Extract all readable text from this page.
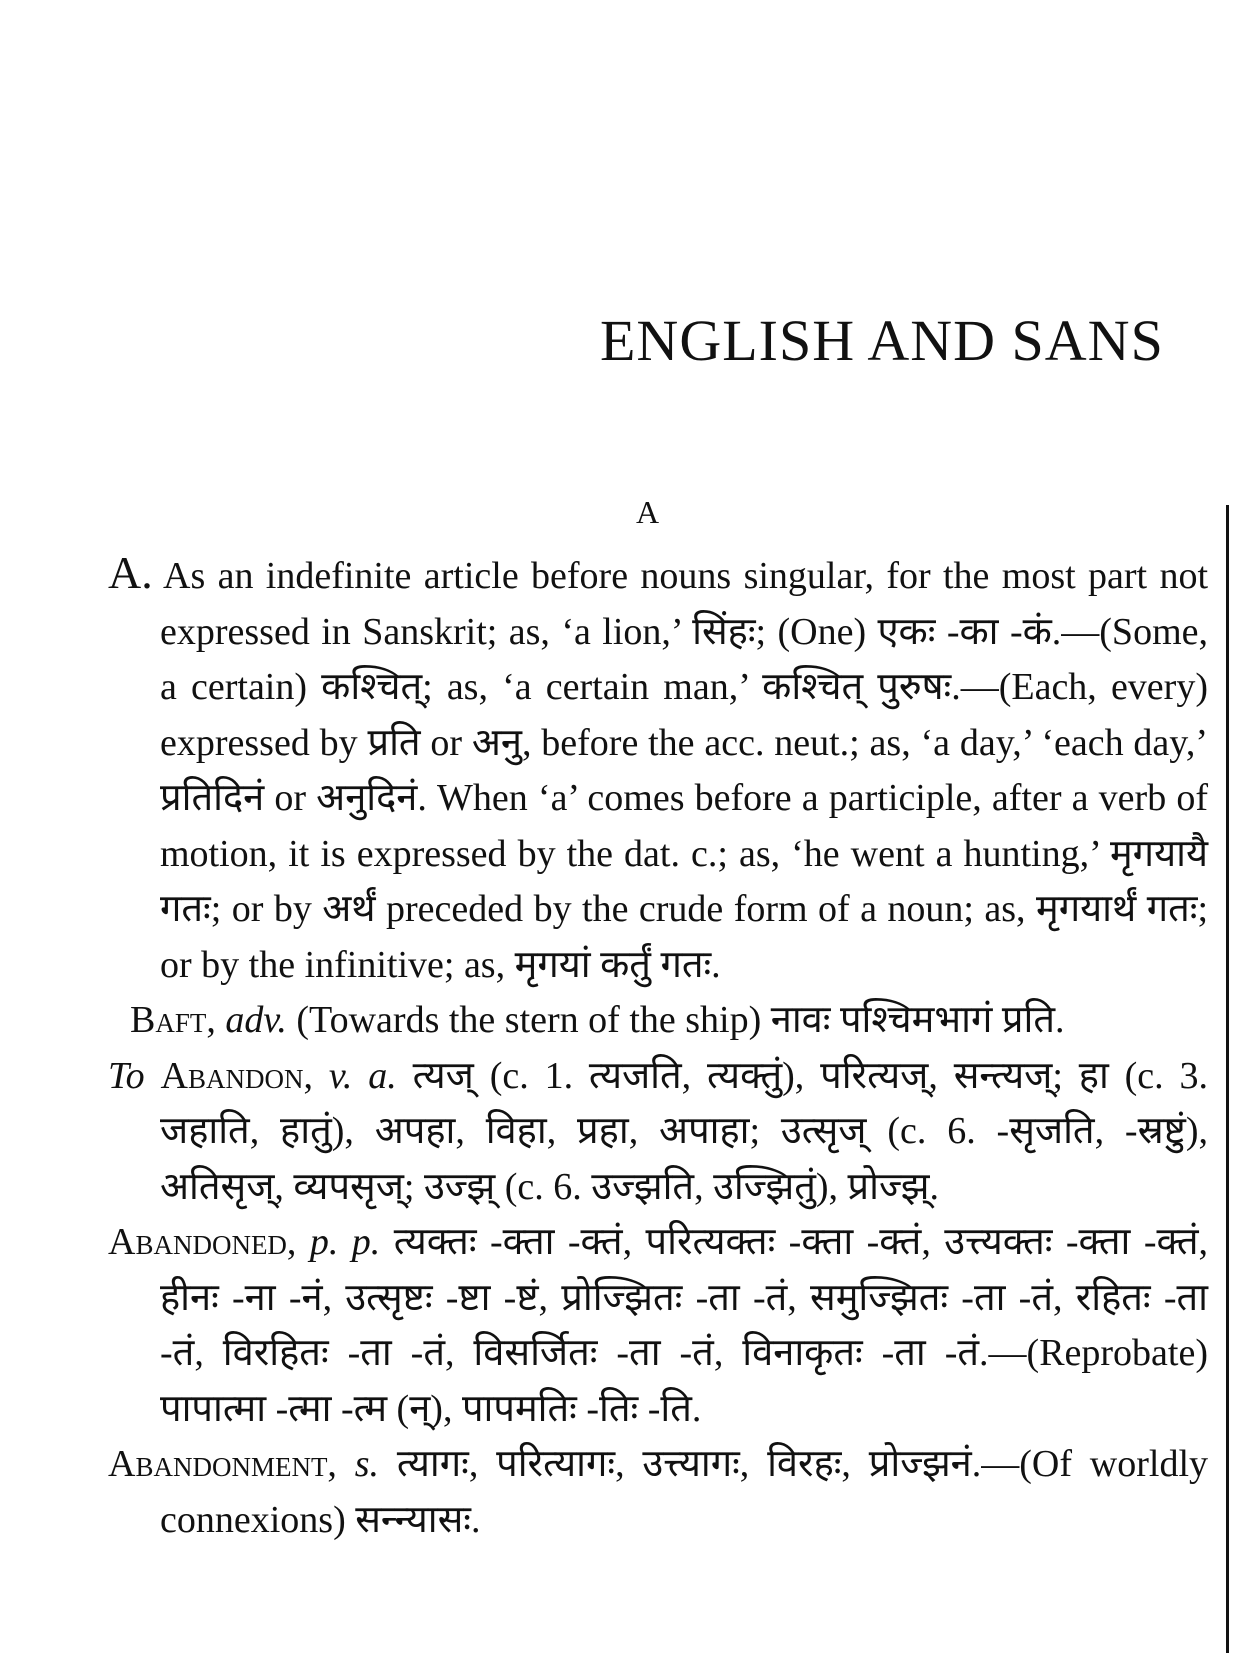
ENGLISH AND SANS
A

A. As an indefinite article before nouns singular, for the most part not expressed in Sanskrit; as, ‘a lion,’ सिंहः; (One) एकः -का -कं.—(Some, a certain) कश्चित्; as, ‘a certain man,’ कश्चित् पुरुषः.—(Each, every) expressed by प्रति or अनु, before the acc. neut.; as, ‘a day,’ ‘each day,’ प्रतिदिनं or अनुदिनं. When ‘a’ comes before a participle, after a verb of motion, it is expressed by the dat. c.; as, ‘he went a hunting,’ मृगयायै गतः; or by अर्थं preceded by the crude form of a noun; as, मृगयार्थं गतः; or by the infinitive; as, मृगयां कर्तुं गतः.

Baft, adv. (Towards the stern of the ship) नावः पश्चिमभागं प्रति.

To Abandon, v. a. त्यज् (c. 1. त्यजति, त्यक्तुं), परित्यज्, सन्त्यज्; हा (c. 3. जहाति, हातुं), अपहा, विहा, प्रहा, अपाहा; उत्सृज् (c. 6. -सृजति, -स्रष्टुं), अतिसृज्, व्यपसृज्; उज्झ् (c. 6. उज्झति, उज्झितुं), प्रोज्झ्.

Abandoned, p. p. त्यक्तः -क्ता -क्तं, परित्यक्तः -क्ता -क्तं, उत्त्यक्तः -क्ता -क्तं, हीनः -ना -नं, उत्सृष्टः -ष्टा -ष्टं, प्रोज्झितः -ता -तं, समुज्झितः -ता -तं, रहितः -ता -तं, विरहितः -ता -तं, विसर्जितः -ता -तं, विनाकृतः -ता -तं.—(Reprobate) पापात्मा -त्मा -त्म (न्), पापमतिः -तिः -ति.

Abandonment, s. त्यागः, परित्यागः, उत्त्यागः, विरहः, प्रोज्झनं.—(Of worldly connexions) सन्न्यासः.
